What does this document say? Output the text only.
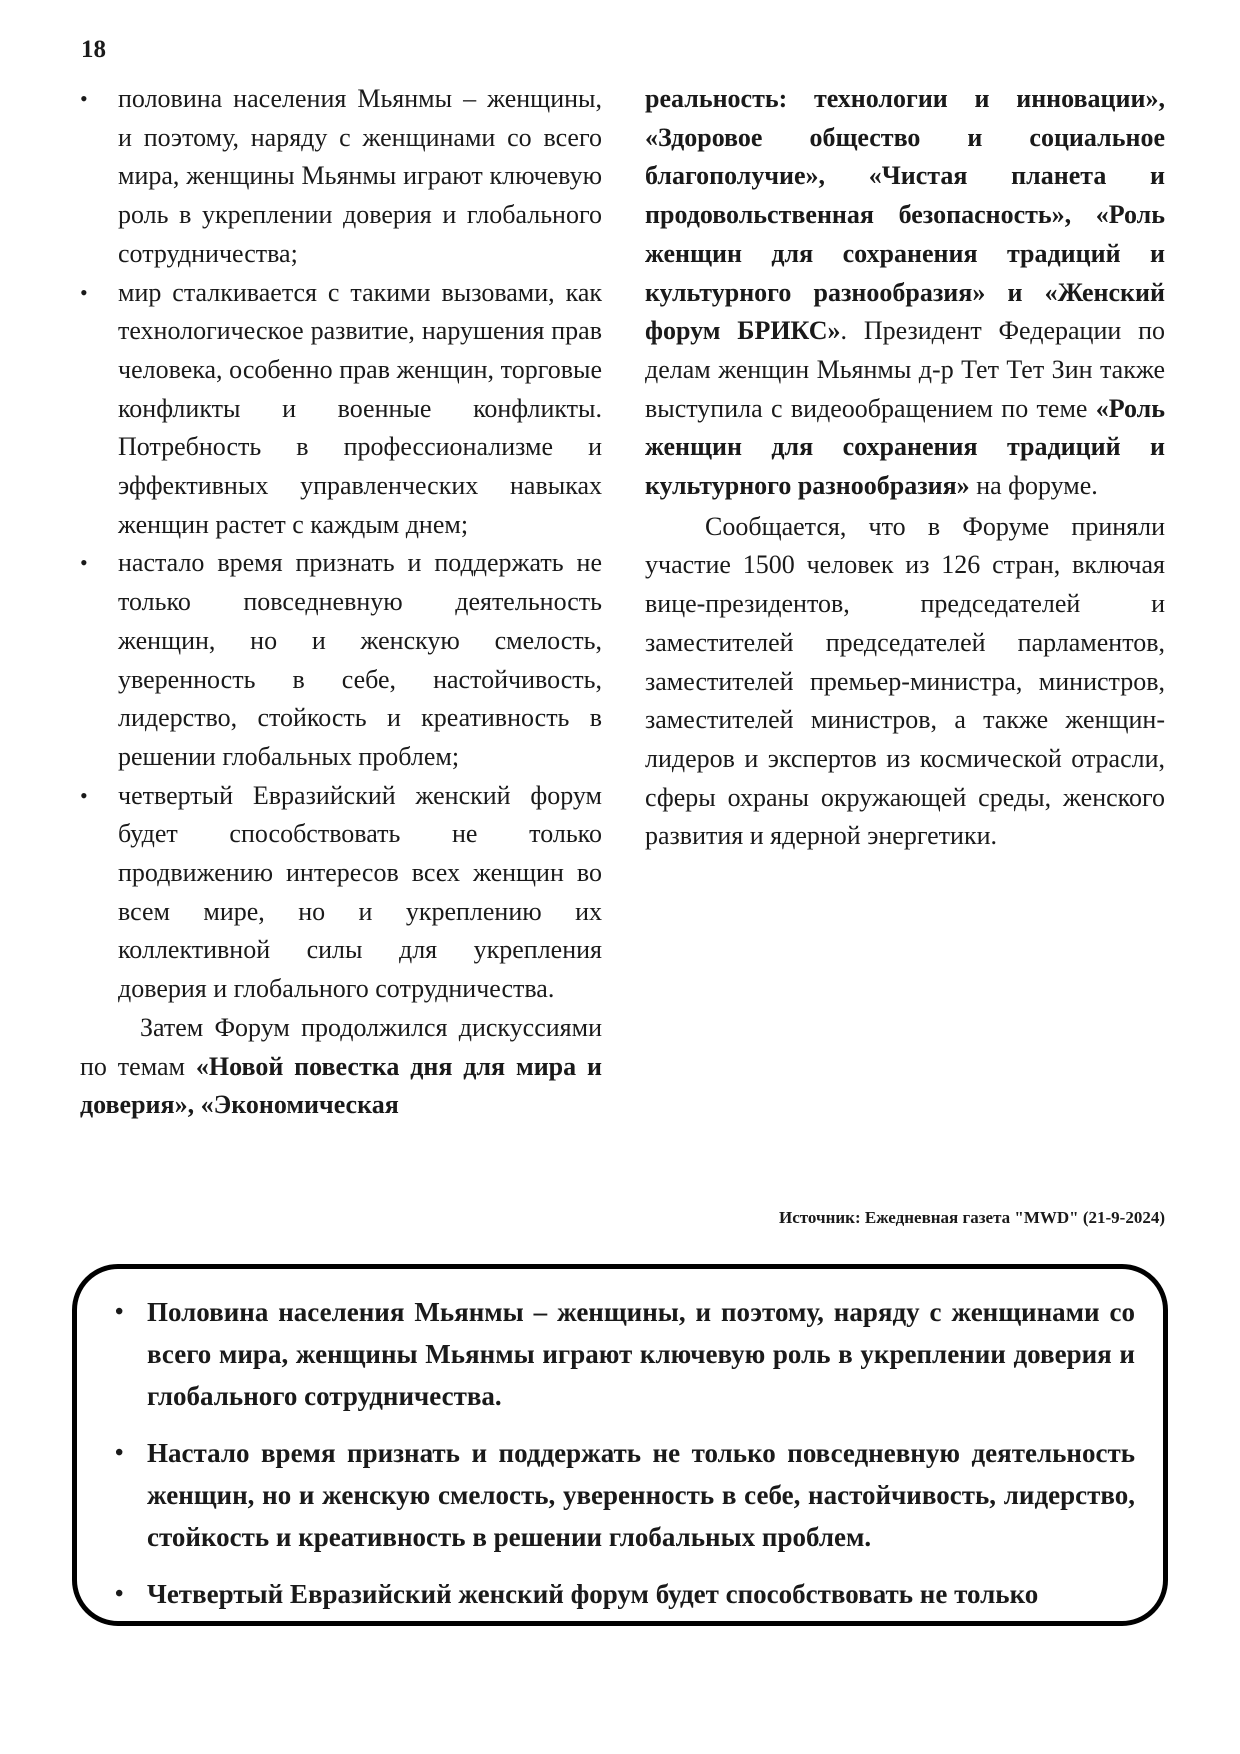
18
• половина населения Мьянмы – женщины, и поэтому, наряду с женщинами со всего мира, женщины Мьянмы играют ключевую роль в укреплении доверия и глобального сотрудничества;
• мир сталкивается с такими вызовами, как технологическое развитие, нарушения прав человека, особенно прав женщин, торговые конфликты и военные конфликты. Потребность в профессионализме и эффективных управленческих навыках женщин растет с каждым днем;
• настало время признать и поддержать не только повседневную деятельность женщин, но и женскую смелость, уверенность в себе, настойчивость, лидерство, стойкость и креативность в решении глобальных проблем;
• четвертый Евразийский женский форум будет способствовать не только продвижению интересов всех женщин во всем мире, но и укреплению их коллективной силы для укрепления доверия и глобального сотрудничества.

Затем Форум продолжился дискуссиями по темам «Новой повестка дня для мира и доверия», «Экономическая

реальность: технологии и инновации», «Здоровое общество и социальное благополучие», «Чистая планета и продовольственная безопасность», «Роль женщин для сохранения традиций и культурного разнообразия» и «Женский форум БРИКС». Президент Федерации по делам женщин Мьянмы д-р Тет Тет Зин также выступила с видеообращением по теме «Роль женщин для сохранения традиций и культурного разнообразия» на форуме.

Сообщается, что в Форуме приняли участие 1500 человек из 126 стран, включая вице-президентов, председателей и заместителей председателей парламентов, заместителей премьер-министра, министров, заместителей министров, а также женщин-лидеров и экспертов из космической отрасли, сферы охраны окружающей среды, женского развития и ядерной энергетики.

Источник: Ежедневная газета "MWD" (21-9-2024)
• Половина населения Мьянмы – женщины, и поэтому, наряду с женщинами со всего мира, женщины Мьянмы играют ключевую роль в укреплении доверия и глобального сотрудничества.
• Настало время признать и поддержать не только повседневную деятельность женщин, но и женскую смелость, уверенность в себе, настойчивость, лидерство, стойкость и креативность в решении глобальных проблем.
• Четвертый Евразийский женский форум будет способствовать не только
